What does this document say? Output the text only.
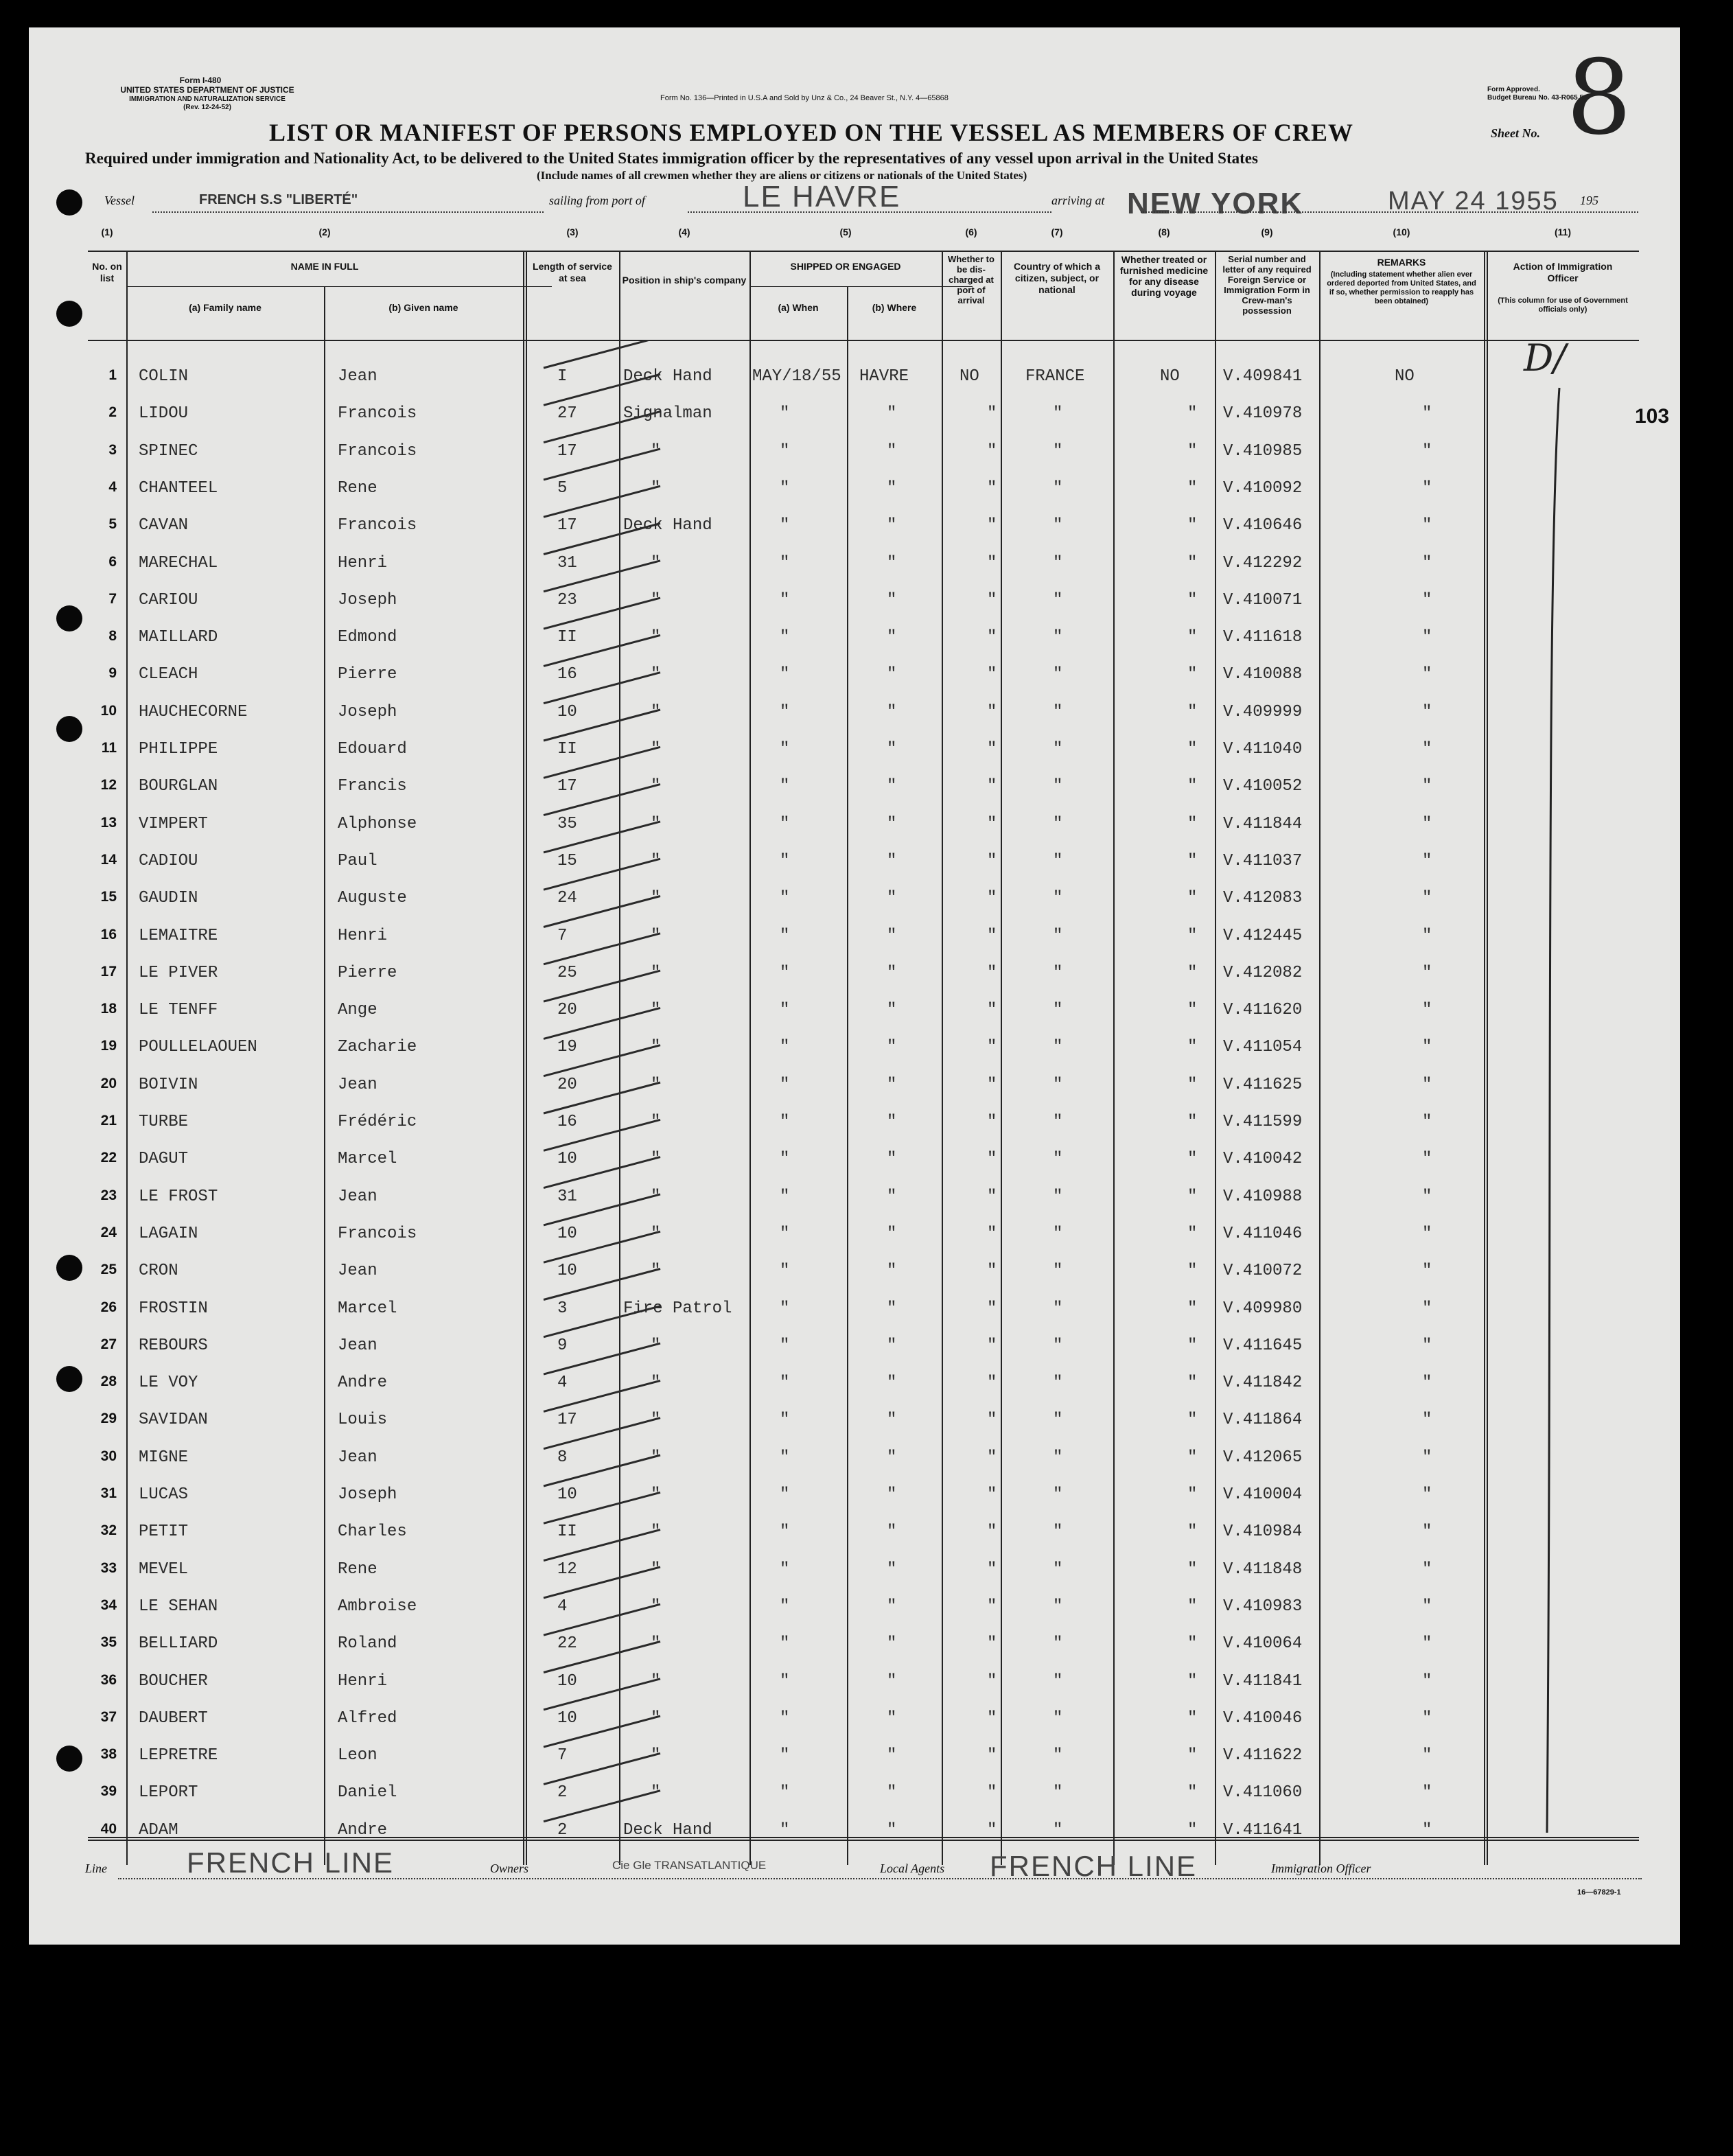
Form I-480
UNITED STATES DEPARTMENT OF JUSTICE
IMMIGRATION AND NATURALIZATION SERVICE
(Rev. 12-24-52)
Form No. 136—Printed in U.S.A and Sold by Unz & Co., 24 Beaver St., N.Y. 4—65868
Form Approved.
Budget Bureau No. 43-R065.5.
LIST OR MANIFEST OF PERSONS EMPLOYED ON THE VESSEL AS MEMBERS OF CREW	Sheet No. 8
Required under immigration and Nationality Act, to be delivered to the United States immigration officer by the representatives of any vessel upon arrival in the United States
(Include names of all crewmen whether they are aliens or citizens or nationals of the United States)
103
Vessel	FRENCH S.S "LIBERTÉ"	sailing from port of	LE HAVRE	arriving at NEW YORK	MAY 24 1955 195
(1)	(2)	(3)	(4)	(5)	(6)	(7)	(8)	(9)	(10)	(11)
No. on list
NAME IN FULL
(a) Family name	(b) Given name
Length of service at sea	Position in ship's company
SHIPPED OR ENGAGED
(a) When	(b) Where
Whether to be dis-charged at port of arrival
Country of which a citizen, subject, or national
Whether treated or furnished medicine for any disease during voyage
Serial number and letter of any required Foreign Service or Immigration Form in Crew-man's possession
REMARKS
(Including statement whether alien ever ordered deported from United States, and if so, whether permission to reapply has been obtained)
Action of Immigration Officer
(This column for use of Government officials only)
D/
1 COLIN	Jean	I	Deck Hand MAY/18/55 HAVRE	NO	FRANCE	NO	V.409841	NO
2 LIDOU	Francois	27	Signalman	"	"	"	"	" V.410978	"
3 SPINEC	Francois	17	"	"	"	"	"	" V.410985	"
4 CHANTEEL	Rene	5	"	"	"	"	"	" V.410092	"
5 CAVAN	Francois	17	Deck Hand	"	"	"	"	" V.410646	"
6 MARECHAL	Henri	31	"	"	"	"	"	" V.412292	"
7 CARIOU	Joseph	23	"	"	"	"	"	" V.410071	"
8 MAILLARD	Edmond	II	"	"	"	"	"	" V.411618	"
9 CLEACH	Pierre	16	"	"	"	"	"	" V.410088	"
10 HAUCHECORNE	Joseph	10	"	"	"	"	"	" V.409999	"
11 PHILIPPE	Edouard	II	"	"	"	"	"	" V.411040	"
12 BOURGLAN	Francis	17	"	"	"	"	"	" V.410052	"
13 VIMPERT	Alphonse	35	"	"	"	"	"	" V.411844	"
14 CADIOU	Paul	15	"	"	"	"	"	" V.411037	"
15 GAUDIN	Auguste	24	"	"	"	"	"	" V.412083	"
16 LEMAITRE	Henri	7	"	"	"	"	"	" V.412445	"
17 LE PIVER	Pierre	25	"	"	"	"	"	" V.412082	"
18 LE TENFF	Ange	20	"	"	"	"	"	" V.411620	"
19 POULLELAOUEN	Zacharie	19	"	"	"	"	"	" V.411054	"
20 BOIVIN	Jean	20	"	"	"	"	"	" V.411625	"
21 TURBE	Frédéric	16	"	"	"	"	"	" V.411599	"
22 DAGUT	Marcel	10	"	"	"	"	"	" V.410042	"
23 LE FROST	Jean	31	"	"	"	"	"	" V.410988	"
24 LAGAIN	Francois	10	"	"	"	"	"	" V.411046	"
25 CRON	Jean	10	"	"	"	"	"	" V.410072	"
26 FROSTIN	Marcel	3	Fire Patrol	"	"	"	"	" V.409980	"
27 REBOURS	Jean	9	"	"	"	"	"	" V.411645	"
28 LE VOY	Andre	4	"	"	"	"	"	" V.411842	"
29 SAVIDAN	Louis	17	"	"	"	"	"	" V.411864	"
30 MIGNE	Jean	8	"	"	"	"	"	" V.412065	"
31 LUCAS	Joseph	10	"	"	"	"	"	" V.410004	"
32 PETIT	Charles	II	"	"	"	"	"	" V.410984	"
33 MEVEL	Rene	12	"	"	"	"	"	" V.411848	"
34 LE SEHAN	Ambroise	4	"	"	"	"	"	" V.410983	"
35 BELLIARD	Roland	22	"	"	"	"	"	" V.410064	"
36 BOUCHER	Henri	10	"	"	"	"	"	" V.411841	"
37 DAUBERT	Alfred	10	"	"	"	"	"	" V.410046	"
38 LEPRETRE	Leon	7	"	"	"	"	"	" V.411622	"
39 LEPORT	Daniel	2	"	"	"	"	"	" V.411060	"
40 ADAM	Andre	2	Deck Hand	"	"	"	"	" V.411641	"
Line	FRENCH LINE	Owners	Cie Gle TRANSATLANTIQUE	Local Agents FRENCH LINE	Immigration Officer
16—67829-1
